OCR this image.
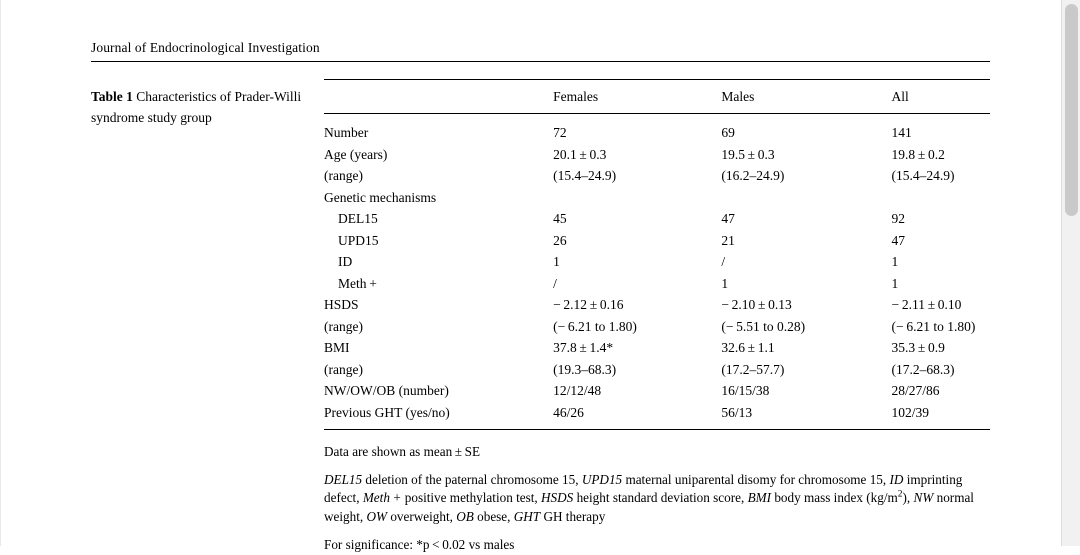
Journal of Endocrinological Investigation
Table 1 Characteristics of Prader-Willi syndrome study group
	Females	Males	All
Number	72	69	141
Age (years)	20.1 ± 0.3	19.5 ± 0.3	19.8 ± 0.2
(range)	(15.4–24.9)	(16.2–24.9)	(15.4–24.9)
Genetic mechanisms			
DEL15	45	47	92
UPD15	26	21	47
ID	1	/	1
Meth +	/	1	1
HSDS	− 2.12 ± 0.16	− 2.10 ± 0.13	− 2.11 ± 0.10
(range)	(− 6.21 to 1.80)	(− 5.51 to 0.28)	(− 6.21 to 1.80)
BMI	37.8 ± 1.4*	32.6 ± 1.1	35.3 ± 0.9
(range)	(19.3–68.3)	(17.2–57.7)	(17.2–68.3)
NW/OW/OB (number)	12/12/48	16/15/38	28/27/86
Previous GHT (yes/no)	46/26	56/13	102/39
Data are shown as mean ± SE
DEL15 deletion of the paternal chromosome 15, UPD15 maternal uniparental disomy for chromosome 15, ID imprinting defect, Meth + positive methylation test, HSDS height standard deviation score, BMI body mass index $(kg/m^2)$, NW normal weight, OW overweight, OB obese, GHT GH therapy
For significance: *p < 0.02 vs males
